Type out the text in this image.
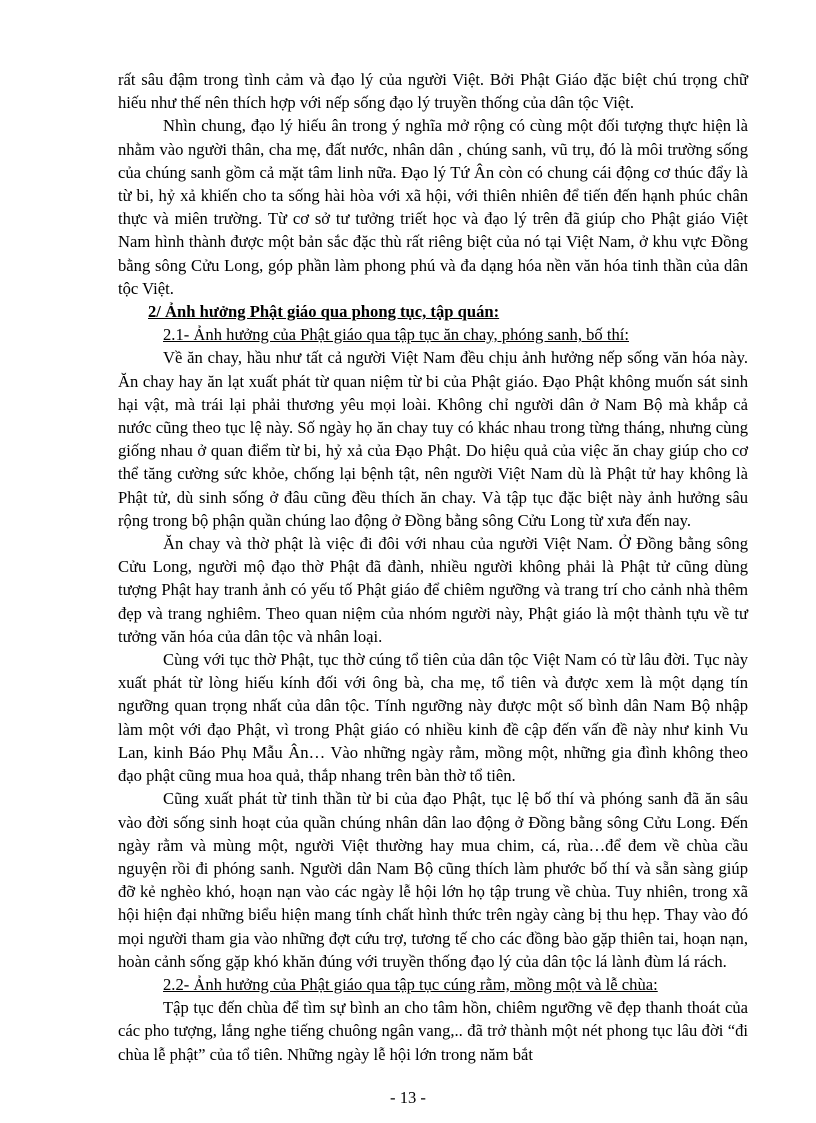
rất sâu đậm trong tình cảm và đạo lý của người Việt. Bởi Phật Giáo đặc biệt chú trọng chữ hiếu như thế nên thích hợp với nếp sống đạo lý truyền thống của dân tộc Việt.

Nhìn chung, đạo lý hiếu ân trong ý nghĩa mở rộng có cùng một đối tượng thực hiện là nhằm vào người thân, cha mẹ, đất nước, nhân dân , chúng sanh, vũ trụ, đó là môi trường sống của chúng sanh gồm cả mặt tâm linh nữa. Đạo lý Tứ Ân còn có chung cái động cơ thúc đẩy là từ bi, hỷ xả khiến cho ta sống hài hòa với xã hội, với thiên nhiên để tiến đến hạnh phúc chân thực và miên trường. Từ cơ sở tư tưởng triết học và đạo lý trên đã giúp cho Phật giáo Việt Nam hình thành được một bản sắc đặc thù rất riêng biệt của nó tại Việt Nam, ở khu vực Đồng bằng sông Cửu Long, góp phần làm phong phú và đa dạng hóa nền văn hóa tinh thần của dân tộc Việt.

2/ Ảnh hưởng Phật giáo qua phong tục, tập quán:

2.1- Ảnh hưởng của Phật giáo qua tập tục ăn chay, phóng sanh, bố thí:

Về ăn chay, hầu như tất cả người Việt Nam đều chịu ảnh hưởng nếp sống văn hóa này. Ăn chay hay ăn lạt xuất phát từ quan niệm từ bi của Phật giáo. Đạo Phật không muốn sát sinh hại vật, mà trái lại phải thương yêu mọi loài. Không chỉ người dân ở Nam Bộ mà khắp cả nước cũng theo tục lệ này. Số ngày họ ăn chay tuy có khác nhau trong từng tháng, nhưng cùng giống nhau ở quan điểm từ bi, hỷ xả của Đạo Phật. Do hiệu quả của việc ăn chay giúp cho cơ thể tăng cường sức khỏe, chống lại bệnh tật, nên người Việt Nam dù là Phật tử hay không là Phật tử, dù sinh sống ở đâu cũng đều thích ăn chay. Và tập tục đặc biệt này ảnh hưởng sâu rộng trong bộ phận quần chúng lao động ở Đồng bằng sông Cửu Long từ xưa đến nay.

Ăn chay và thờ phật là việc đi đôi với nhau của người Việt Nam. Ở Đồng bằng sông Cửu Long, người mộ đạo thờ Phật đã đành, nhiều người không phải là Phật tử cũng dùng tượng Phật hay tranh ảnh có yếu tố Phật giáo để chiêm ngưỡng và trang trí cho cảnh nhà thêm đẹp và trang nghiêm. Theo quan niệm của nhóm người này, Phật giáo là một thành tựu về tư tưởng văn hóa của dân tộc và nhân loại.

Cùng với tục thờ Phật, tục thờ cúng tổ tiên của dân tộc Việt Nam có từ lâu đời. Tục này xuất phát từ lòng hiếu kính đối với ông bà, cha mẹ, tổ tiên và được xem là một dạng tín ngưỡng quan trọng nhất của dân tộc. Tính ngưỡng này được một số bình dân Nam Bộ nhập làm một với đạo Phật, vì trong Phật giáo có nhiều kinh đề cập đến vấn đề này như kinh Vu Lan, kinh Báo Phụ Mẫu Ân… Vào những ngày rằm, mồng một, những gia đình không theo đạo phật cũng mua hoa quả, thắp nhang trên bàn thờ tổ tiên.

Cũng xuất phát từ tinh thần từ bi của đạo Phật, tục lệ bố thí và phóng sanh đã ăn sâu vào đời sống sinh hoạt của quần chúng nhân dân lao động ở Đồng bằng sông Cửu Long. Đến ngày rằm và mùng một, người Việt thường hay mua chim, cá, rùa…để đem về chùa cầu nguyện rồi đi phóng sanh. Người dân Nam Bộ cũng thích làm phước bố thí và sẵn sàng giúp đỡ kẻ nghèo khó, hoạn nạn vào các ngày lễ hội lớn họ tập trung về chùa. Tuy nhiên, trong xã hội hiện đại những biểu hiện mang tính chất hình thức trên ngày càng bị thu hẹp. Thay vào đó mọi người tham gia vào những đợt cứu trợ, tương tế cho các đồng bào gặp thiên tai, hoạn nạn, hoàn cảnh sống gặp khó khăn đúng với truyền thống đạo lý của dân tộc lá lành đùm lá rách.

2.2- Ảnh hưởng của Phật giáo qua tập tục cúng rằm, mồng một và lễ chùa:

Tập tục đến chùa để tìm sự bình an cho tâm hồn, chiêm ngưỡng vẽ đẹp thanh thoát của các pho tượng, lắng nghe tiếng chuông ngân vang,.. đã trở thành một nét phong tục lâu đời “đi chùa lễ phật” của tổ tiên. Những ngày lễ hội lớn trong năm bắt

- 13 -
